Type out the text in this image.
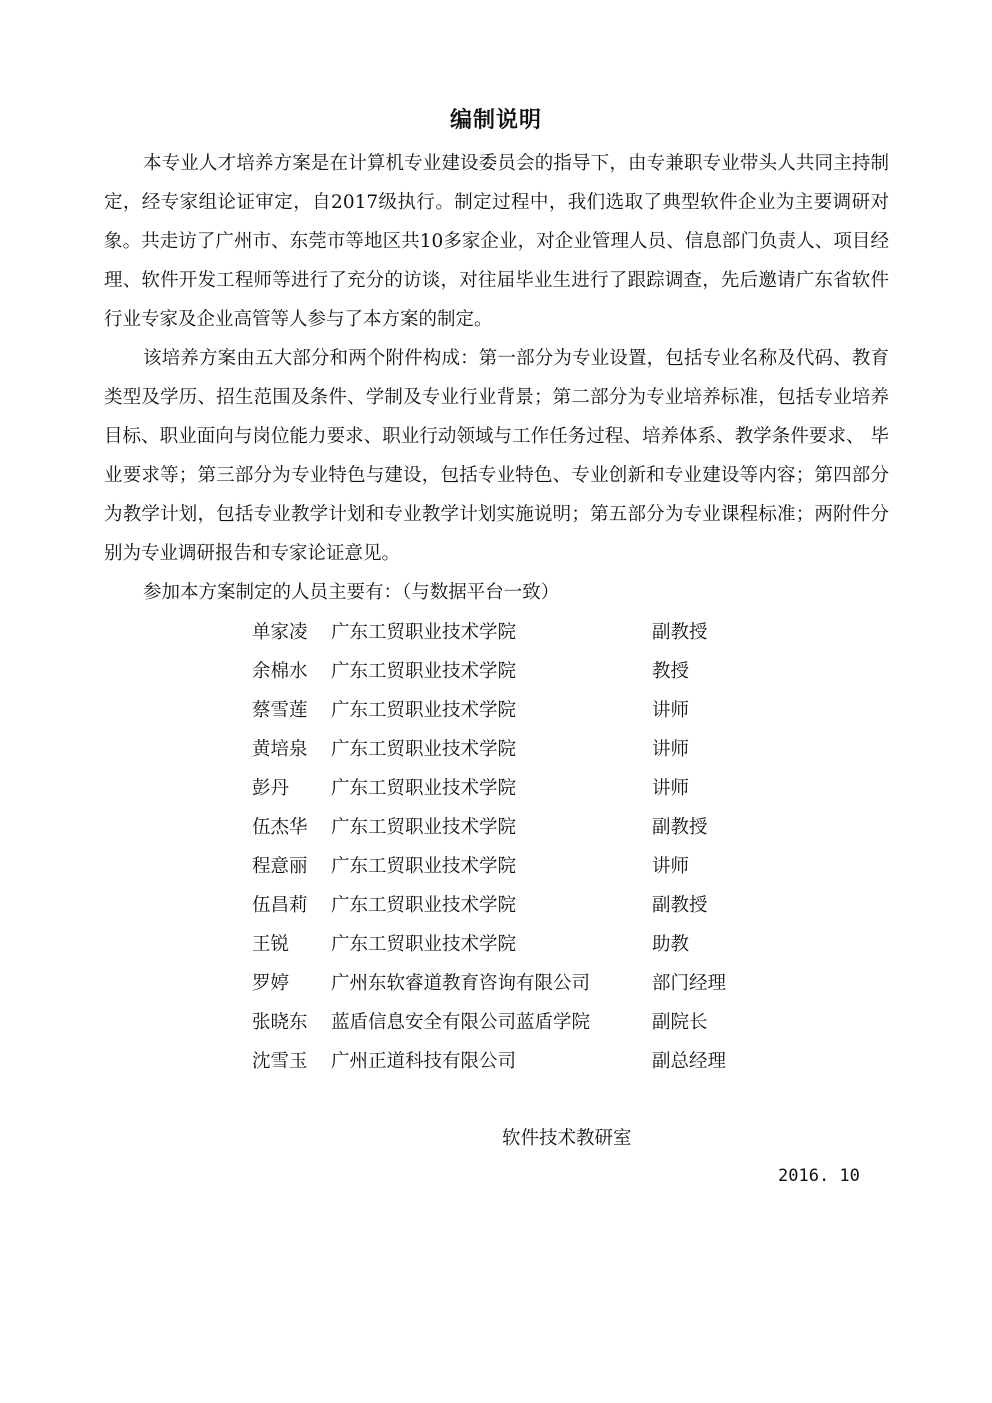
编制说明

本专业人才培养方案是在计算机专业建设委员会的指导下，由专兼职专业带头人共同主持制定，经专家组论证审定，自2017级执行。制定过程中，我们选取了典型软件企业为主要调研对象。共走访了广州市、东莞市等地区共10多家企业，对企业管理人员、信息部门负责人、项目经理、软件开发工程师等进行了充分的访谈，对往届毕业生进行了跟踪调查，先后邀请广东省软件行业专家及企业高管等人参与了本方案的制定。

该培养方案由五大部分和两个附件构成：第一部分为专业设置，包括专业名称及代码、教育类型及学历、招生范围及条件、学制及专业行业背景；第二部分为专业培养标准，包括专业培养目标、职业面向与岗位能力要求、职业行动领域与工作任务过程、培养体系、教学条件要求、 毕业要求等；第三部分为专业特色与建设，包括专业特色、专业创新和专业建设等内容；第四部分为教学计划，包括专业教学计划和专业教学计划实施说明；第五部分为专业课程标准；两附件分别为专业调研报告和专家论证意见。

参加本方案制定的人员主要有：（与数据平台一致）
单家凌 广东工贸职业技术学院	副教授
余棉水 广东工贸职业技术学院	教授
蔡雪莲 广东工贸职业技术学院	讲师
黄培泉 广东工贸职业技术学院	讲师
彭丹 广东工贸职业技术学院	讲师
伍杰华 广东工贸职业技术学院	副教授
程意丽 广东工贸职业技术学院	讲师
伍昌莉 广东工贸职业技术学院	副教授
王锐 广东工贸职业技术学院	助教
罗婷 广州东软睿道教育咨询有限公司	部门经理
张晓东 蓝盾信息安全有限公司蓝盾学院	副院长
沈雪玉 广州正道科技有限公司	副总经理
软件技术教研室
2016. 10
